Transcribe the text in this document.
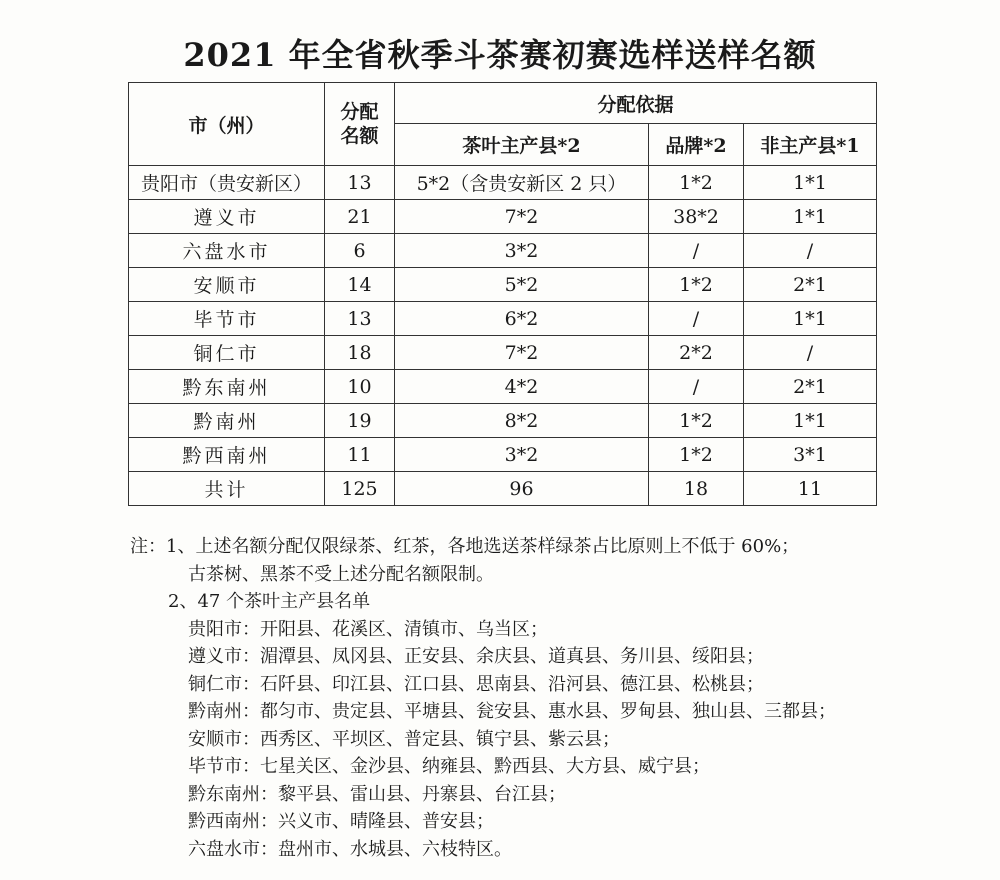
2021 年全省秋季斗茶赛初赛选样送样名额
市（州）	分配名额	分配依据		
		茶叶主产县*2	品牌*2	非主产县*1
贵阳市（贵安新区）	13	5*2（含贵安新区 2 只）	1*2	1*1
遵义市	21	7*2	38*2	1*1
六盘水市	6	3*2	/	/
安顺市	14	5*2	1*2	2*1
毕节市	13	6*2	/	1*1
铜仁市	18	7*2	2*2	/
黔东南州	10	4*2	/	2*1
黔南州	19	8*2	1*2	1*1
黔西南州	11	3*2	1*2	3*1
共计	125	96	18	11
注：1、上述名额分配仅限绿茶、红茶，各地选送茶样绿茶占比原则上不低于 60%；
古茶树、黑茶不受上述分配名额限制。
2、47 个茶叶主产县名单
贵阳市：开阳县、花溪区、清镇市、乌当区；
遵义市：湄潭县、凤冈县、正安县、余庆县、道真县、务川县、绥阳县；
铜仁市：石阡县、印江县、江口县、思南县、沿河县、德江县、松桃县；
黔南州：都匀市、贵定县、平塘县、瓮安县、惠水县、罗甸县、独山县、三都县；
安顺市：西秀区、平坝区、普定县、镇宁县、紫云县；
毕节市：七星关区、金沙县、纳雍县、黔西县、大方县、威宁县；
黔东南州：黎平县、雷山县、丹寨县、台江县；
黔西南州：兴义市、晴隆县、普安县；
六盘水市：盘州市、水城县、六枝特区。
